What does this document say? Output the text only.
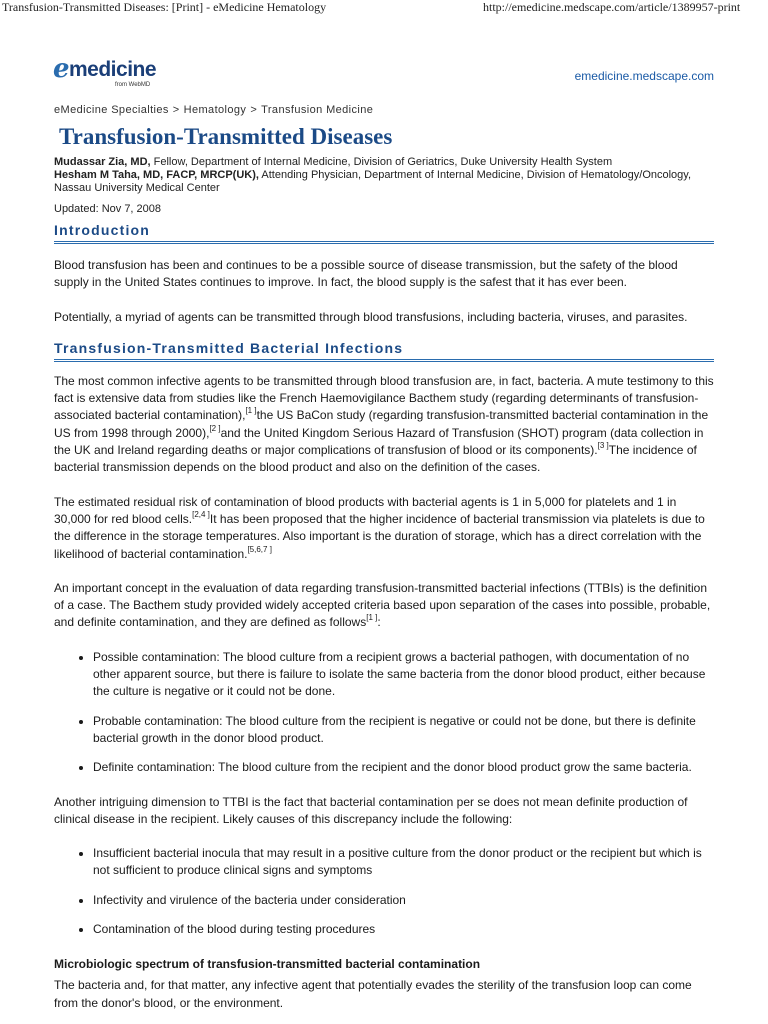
Transfusion-Transmitted Diseases: [Print] - eMedicine Hematology	http://emedicine.medscape.com/article/1389957-print
e medicine
from WebMD
emedicine.medscape.com
eMedicine Specialties > Hematology > Transfusion Medicine
Transfusion-Transmitted Diseases
Mudassar Zia, MD, Fellow, Department of Internal Medicine, Division of Geriatrics, Duke University Health System
Hesham M Taha, MD, FACP, MRCP(UK), Attending Physician, Department of Internal Medicine, Division of Hematology/Oncology, Nassau University Medical Center
Updated: Nov 7, 2008
Introduction

Blood transfusion has been and continues to be a possible source of disease transmission, but the safety of the blood supply in the United States continues to improve. In fact, the blood supply is the safest that it has ever been.

Potentially, a myriad of agents can be transmitted through blood transfusions, including bacteria, viruses, and parasites.

Transfusion-Transmitted Bacterial Infections

The most common infective agents to be transmitted through blood transfusion are, in fact, bacteria. A mute testimony to this fact is extensive data from studies like the French Haemovigilance Bacthem study (regarding determinants of transfusion-associated bacterial contamination),[1 ]the US BaCon study (regarding transfusion-transmitted bacterial contamination in the US from 1998 through 2000),[2 ]and the United Kingdom Serious Hazard of Transfusion (SHOT) program (data collection in the UK and Ireland regarding deaths or major complications of transfusion of blood or its components).[3 ]The incidence of bacterial transmission depends on the blood product and also on the definition of the cases.

The estimated residual risk of contamination of blood products with bacterial agents is 1 in 5,000 for platelets and 1 in 30,000 for red blood cells.[2,4 ]It has been proposed that the higher incidence of bacterial transmission via platelets is due to the difference in the storage temperatures. Also important is the duration of storage, which has a direct correlation with the likelihood of bacterial contamination.[5,6,7 ]

An important concept in the evaluation of data regarding transfusion-transmitted bacterial infections (TTBIs) is the definition of a case. The Bacthem study provided widely accepted criteria based upon separation of the cases into possible, probable, and definite contamination, and they are defined as follows[1 ]:

• Possible contamination: The blood culture from a recipient grows a bacterial pathogen, with documentation of no other apparent source, but there is failure to isolate the same bacteria from the donor blood product, either because the culture is negative or it could not be done.
• Probable contamination: The blood culture from the recipient is negative or could not be done, but there is definite bacterial growth in the donor blood product.
• Definite contamination: The blood culture from the recipient and the donor blood product grow the same bacteria.

Another intriguing dimension to TTBI is the fact that bacterial contamination per se does not mean definite production of clinical disease in the recipient. Likely causes of this discrepancy include the following:

• Insufficient bacterial inocula that may result in a positive culture from the donor product or the recipient but which is not sufficient to produce clinical signs and symptoms
• Infectivity and virulence of the bacteria under consideration
• Contamination of the blood during testing procedures
Microbiologic spectrum of transfusion-transmitted bacterial contamination

The bacteria and, for that matter, any infective agent that potentially evades the sterility of the transfusion loop can come from the donor's blood, or the environment.
